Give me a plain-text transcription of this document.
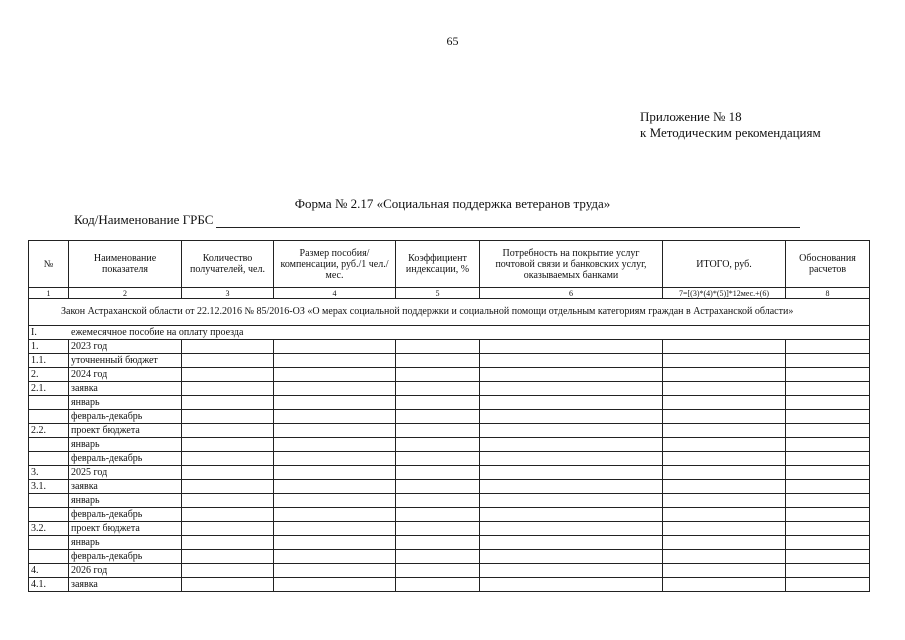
65
Приложение № 18
к Методическим рекомендациям
Форма № 2.17 «Социальная поддержка ветеранов труда»
Код/Наименование ГРБС
№	Наименование показателя	Количество получателей, чел.	Размер пособия/компенсации, руб./1 чел./мес.	Коэффициент индексации, %	Потребность на покрытие услуг почтовой связи и банковских услуг, оказываемых банками	ИТОГО, руб.	Обоснования расчетов
1	2	3	4	5	6	7=[(3)*(4)*(5)]*12мес.+(6)	8
Закон Астраханской области от 22.12.2016 № 85/2016-ОЗ «О мерах социальной поддержки и социальной помощи отдельным категориям граждан в Астраханской области»							
I. ежемесячное пособие на оплату проезда							
1.	2023 год						
1.1.	уточненный бюджет						
2.	2024 год						
2.1.	заявка						
	январь						
	февраль-декабрь						
2.2.	проект бюджета						
	январь						
	февраль-декабрь						
3.	2025 год						
3.1.	заявка						
	январь						
	февраль-декабрь						
3.2.	проект бюджета						
	январь						
	февраль-декабрь						
4.	2026 год						
4.1.	заявка						
